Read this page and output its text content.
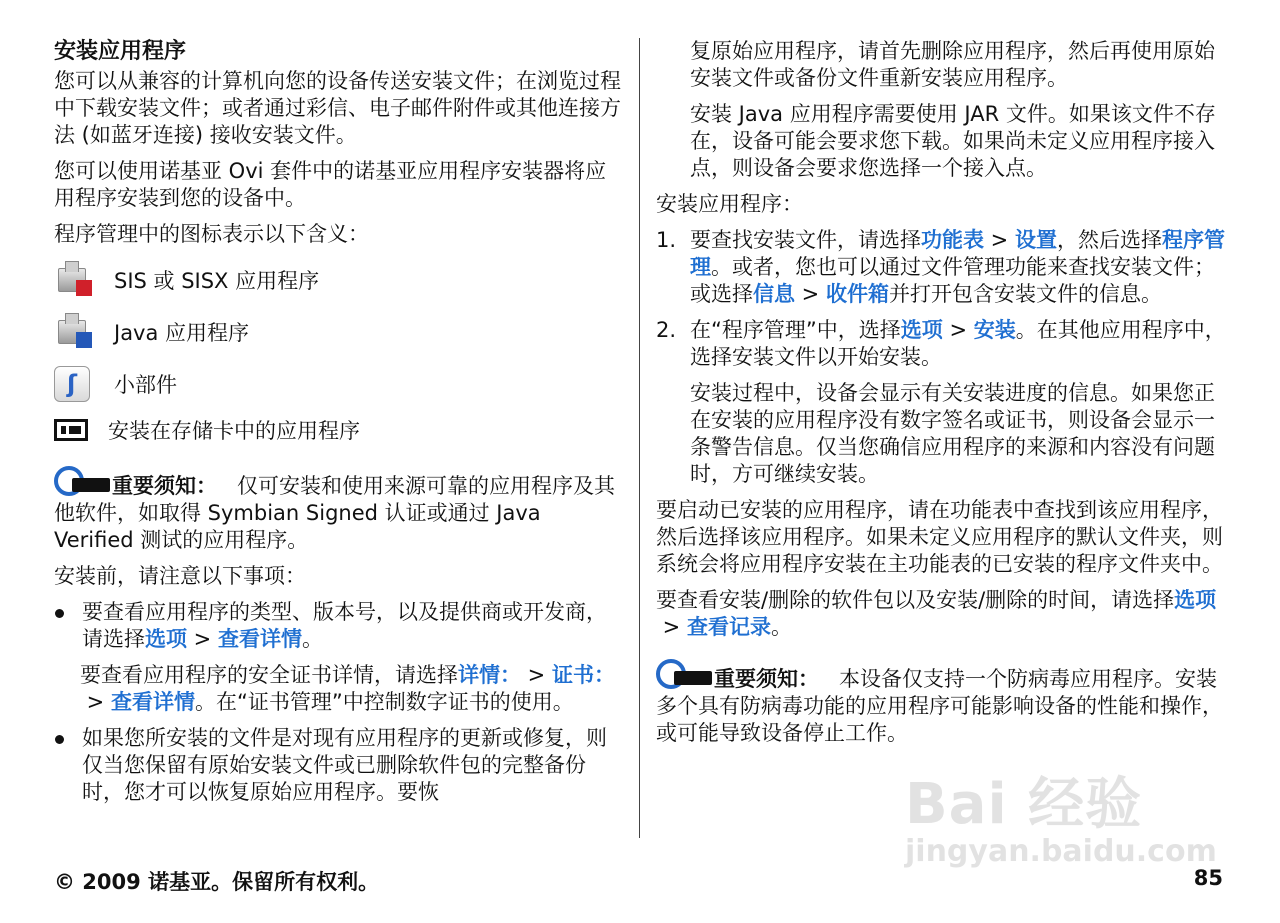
安装应用程序

您可以从兼容的计算机向您的设备传送安装文件；在浏览过程中下载安装文件；或者通过彩信、电子邮件附件或其他连接方法 (如蓝牙连接) 接收安装文件。

您可以使用诺基亚 Ovi 套件中的诺基亚应用程序安装器将应用程序安装到您的设备中。

程序管理中的图标表示以下含义：

SIS 或 SISX 应用程序
Java 应用程序
ʃ	小部件
安装在存储卡中的应用程序

重要须知： 仅可安装和使用来源可靠的应用程序及其他软件，如取得 Symbian Signed 认证或通过 Java Verified 测试的应用程序。

安装前，请注意以下事项：

要查看应用程序的类型、版本号，以及提供商或开发商，请选择选项 > 查看详情。
要查看应用程序的安全证书详情，请选择详情： > 证书： > 查看详情。在“证书管理”中控制数字证书的使用。
如果您所安装的文件是对现有应用程序的更新或修复，则仅当您保留有原始安装文件或已删除软件包的完整备份时，您才可以恢复原始应用程序。要恢

复原始应用程序，请首先删除应用程序，然后再使用原始安装文件或备份文件重新安装应用程序。

安装 Java 应用程序需要使用 JAR 文件。如果该文件不存在，设备可能会要求您下载。如果尚未定义应用程序接入点，则设备会要求您选择一个接入点。

安装应用程序：

1. 要查找安装文件，请选择功能表 > 设置，然后选择程序管理。或者，您也可以通过文件管理功能来查找安装文件；或选择信息 > 收件箱并打开包含安装文件的信息。
2. 在“程序管理”中，选择选项 > 安装。在其他应用程序中，选择安装文件以开始安装。

安装过程中，设备会显示有关安装进度的信息。如果您正在安装的应用程序没有数字签名或证书，则设备会显示一条警告信息。仅当您确信应用程序的来源和内容没有问题时，方可继续安装。

要启动已安装的应用程序，请在功能表中查找到该应用程序，然后选择该应用程序。如果未定义应用程序的默认文件夹，则系统会将应用程序安装在主功能表的已安装的程序文件夹中。

要查看安装/删除的软件包以及安装/删除的时间，请选择选项 > 查看记录。

重要须知： 本设备仅支持一个防病毒应用程序。安装多个具有防病毒功能的应用程序可能影响设备的性能和操作，或可能导致设备停止工作。

Bai 经验
jingyan.baidu.com
© 2009 诺基亚。保留所有权利。	85
